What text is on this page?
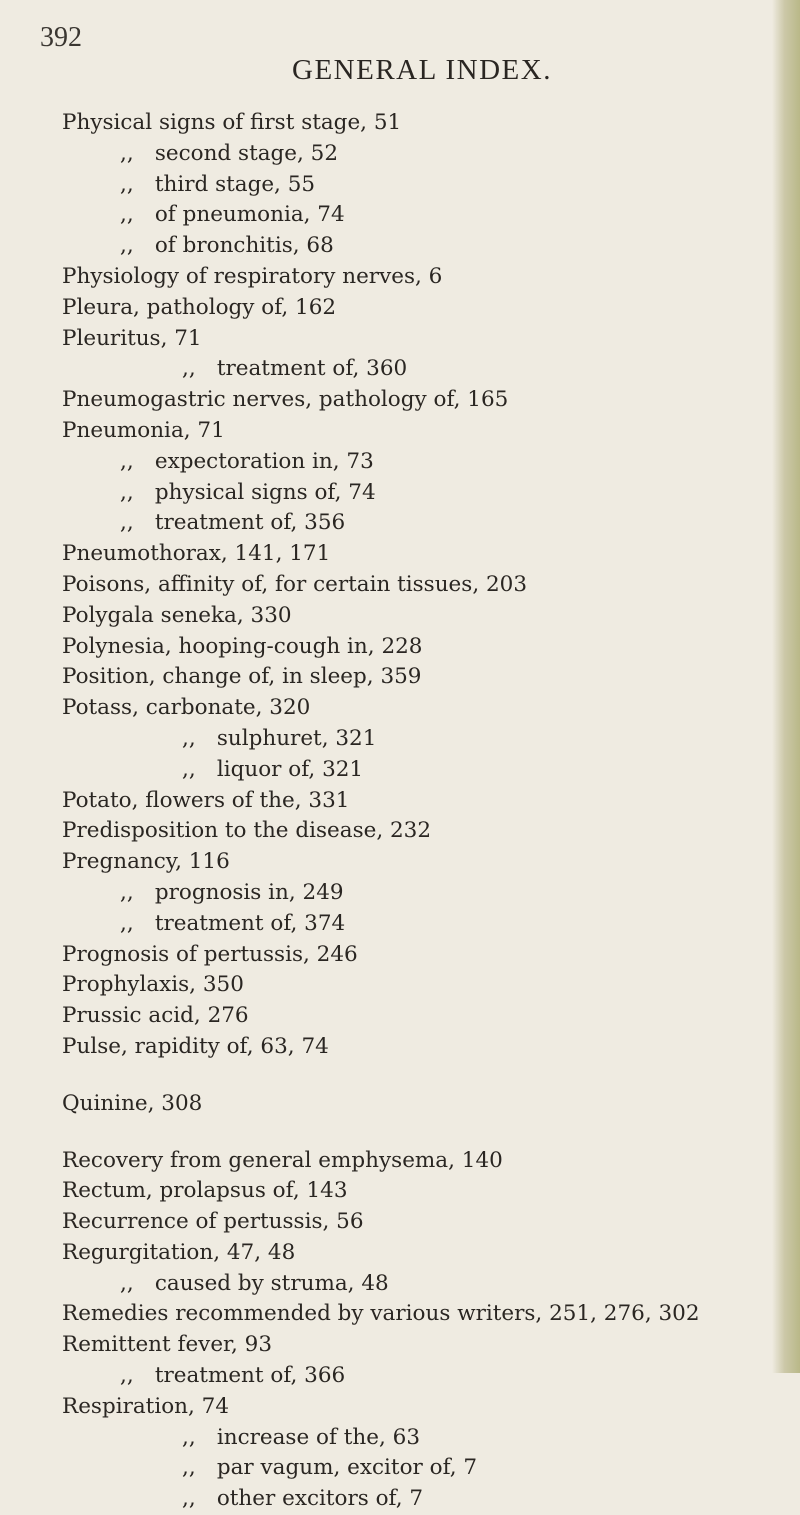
392
GENERAL INDEX.
Physical signs of first stage, 51
,, second stage, 52
,, third stage, 55
,, of pneumonia, 74
,, of bronchitis, 68
Physiology of respiratory nerves, 6
Pleura, pathology of, 162
Pleuritus, 71
,, treatment of, 360
Pneumogastric nerves, pathology of, 165
Pneumonia, 71
,, expectoration in, 73
,, physical signs of, 74
,, treatment of, 356
Pneumothorax, 141, 171
Poisons, affinity of, for certain tissues, 203
Polygala seneka, 330
Polynesia, hooping-cough in, 228
Position, change of, in sleep, 359
Potass, carbonate, 320
,, sulphuret, 321
,, liquor of, 321
Potato, flowers of the, 331
Predisposition to the disease, 232
Pregnancy, 116
,, prognosis in, 249
,, treatment of, 374
Prognosis of pertussis, 246
Prophylaxis, 350
Prussic acid, 276
Pulse, rapidity of, 63, 74
Quinine, 308
Recovery from general emphysema, 140
Rectum, prolapsus of, 143
Recurrence of pertussis, 56
Regurgitation, 47, 48
,, caused by struma, 48
Remedies recommended by various writers, 251, 276, 302
Remittent fever, 93
,, treatment of, 366
Respiration, 74
,, increase of the, 63
,, par vagum, excitor of, 7
,, other excitors of, 7
